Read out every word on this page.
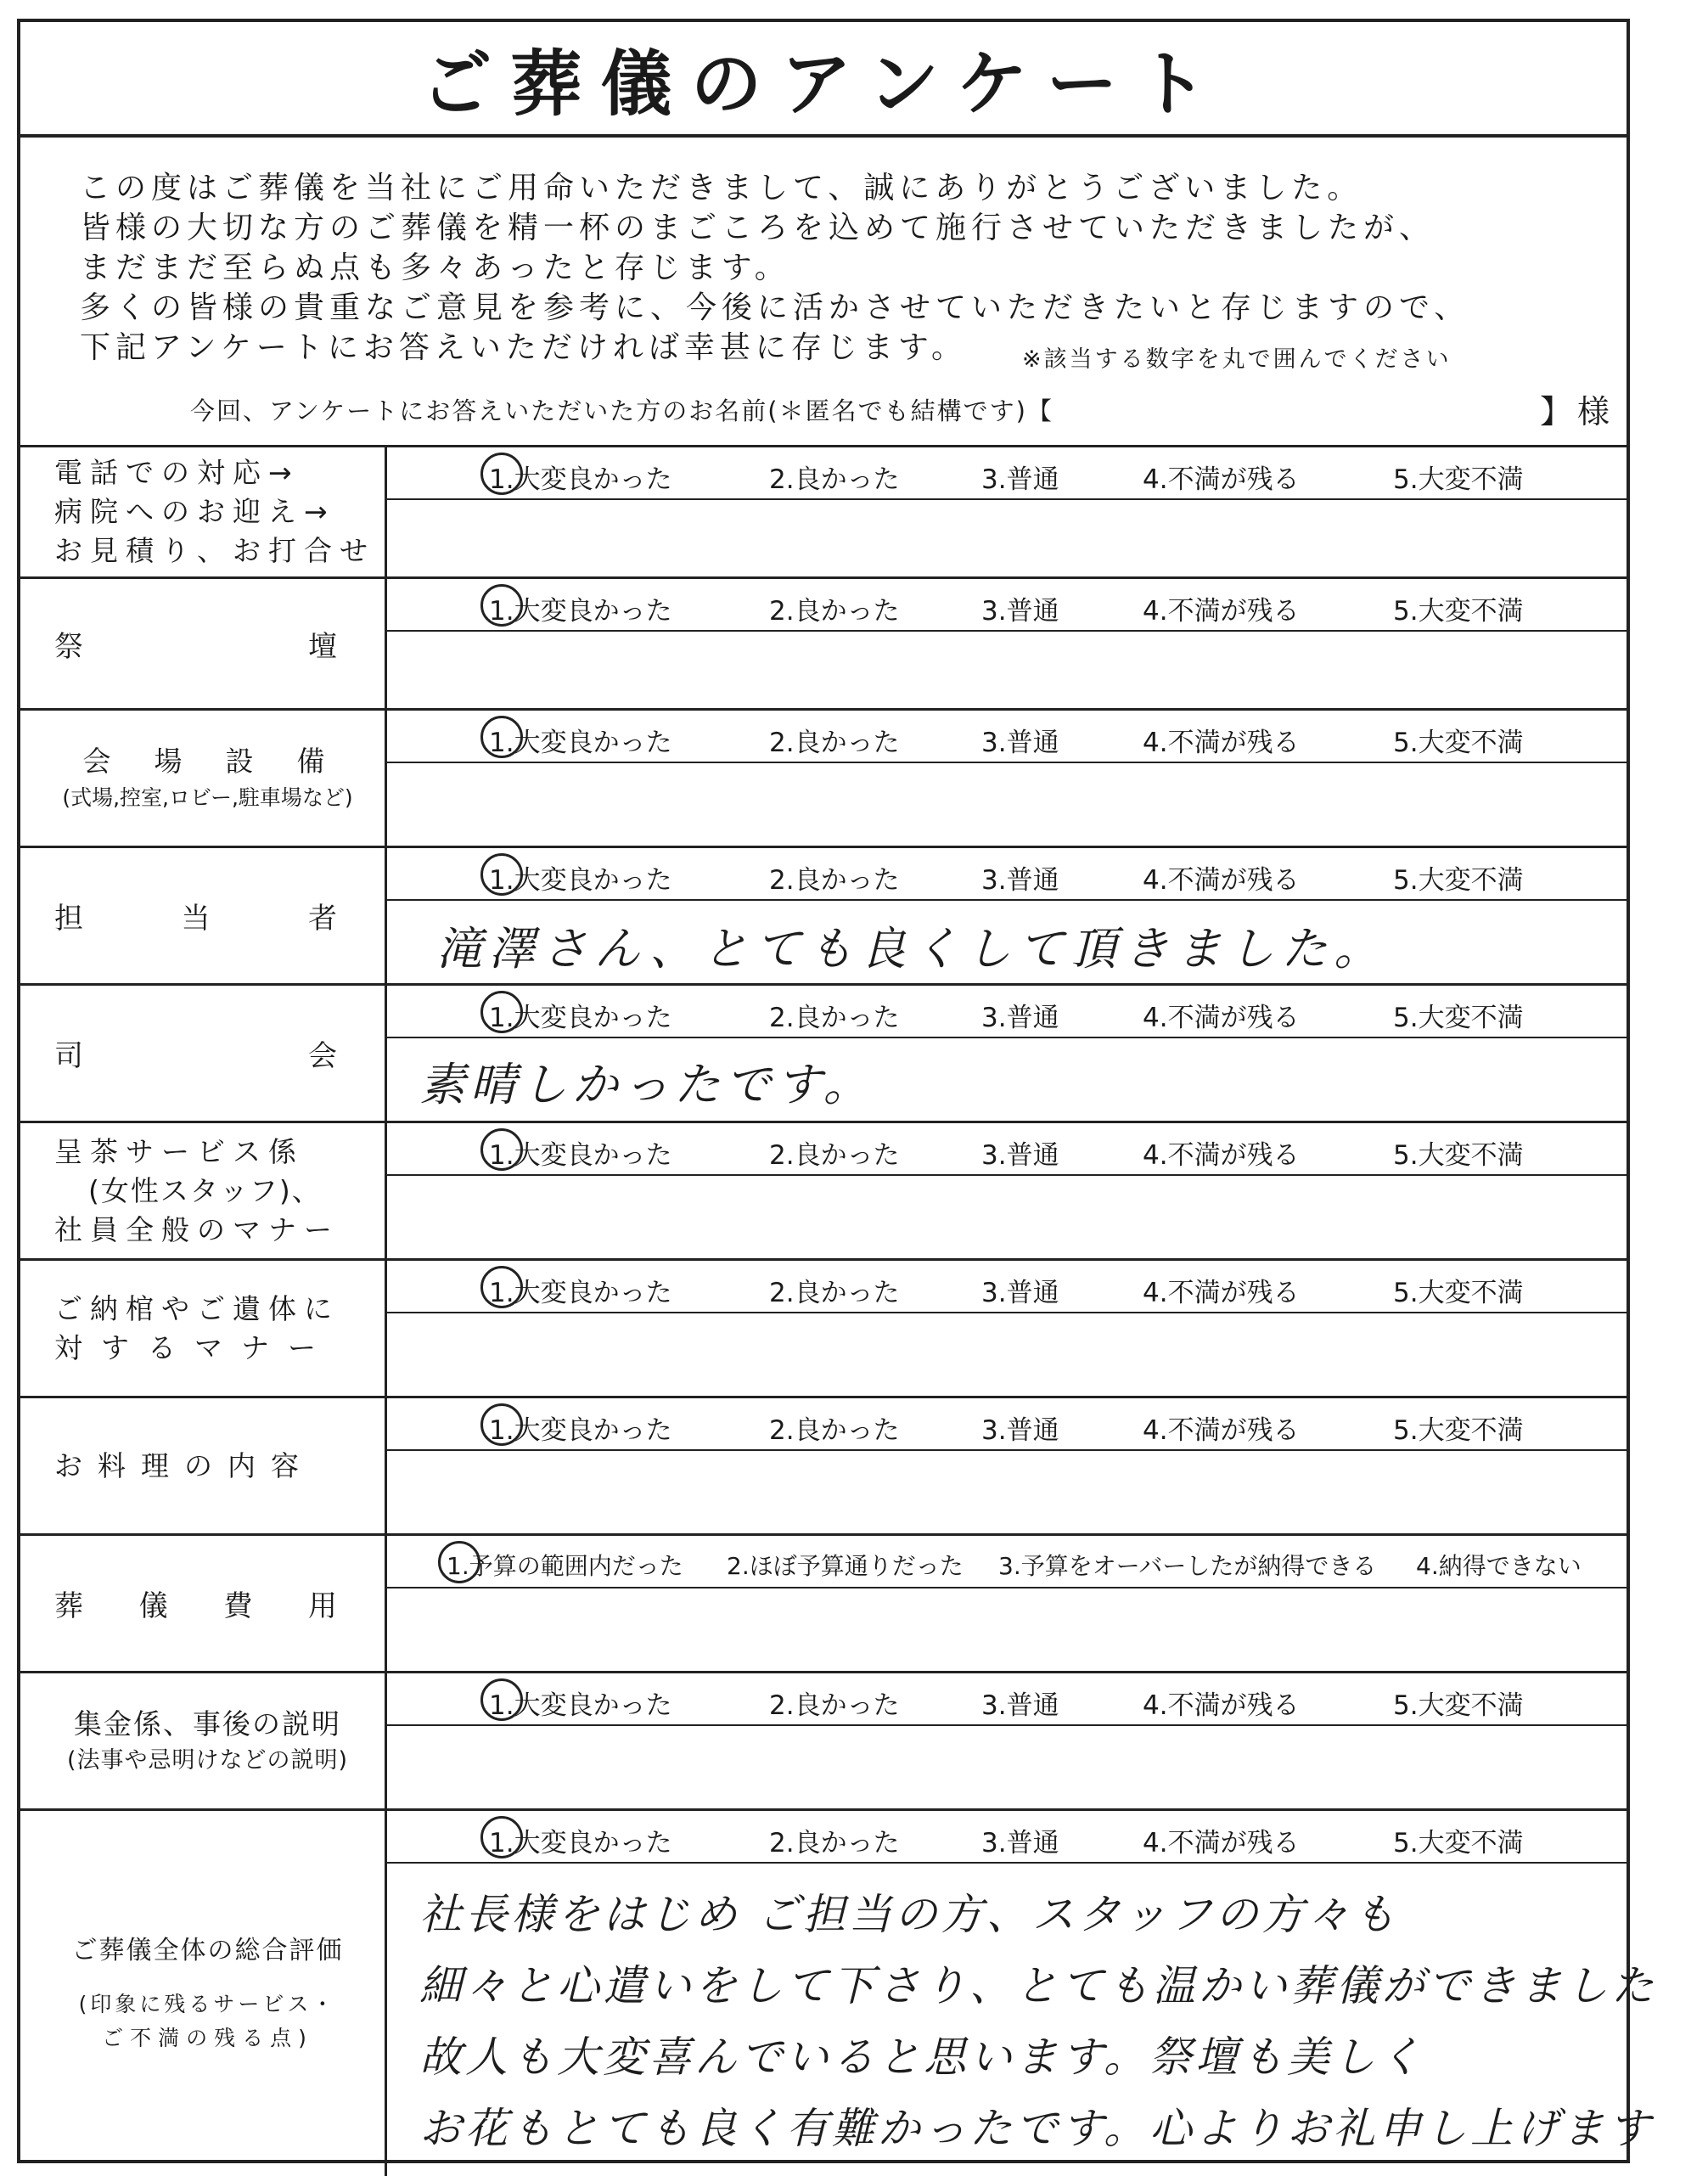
ご葬儀のアンケート
この度はご葬儀を当社にご用命いただきまして、誠にありがとうございました。
皆様の大切な方のご葬儀を精一杯のまごころを込めて施行させていただきましたが、
まだまだ至らぬ点も多々あったと存じます。
多くの皆様の貴重なご意見を参考に、今後に活かさせていただきたいと存じますので、
下記アンケートにお答えいただければ幸甚に存じます。	※該当する数字を丸で囲んでください
今回、アンケートにお答えいただいた方のお名前(＊匿名でも結構です)【	】様
電話での対応→
病院へのお迎え→
お見積り、お打合せ
1.大変良かった	2.良かった	3.普通	4.不満が残る	5.大変不満
祭	壇
1.大変良かった	2.良かった	3.普通	4.不満が残る	5.大変不満
会　場　設　備
(式場,控室,ロビー,駐車場など)
1.大変良かった	2.良かった	3.普通	4.不満が残る	5.大変不満
担	当	者
1.大変良かった	2.良かった	3.普通	4.不満が残る	5.大変不満
滝澤さん、とても良くして頂きました。
司	会
1.大変良かった	2.良かった	3.普通	4.不満が残る	5.大変不満
素晴しかったです。
呈茶サービス係
(女性スタッフ)、
社員全般のマナー
1.大変良かった	2.良かった	3.普通	4.不満が残る	5.大変不満
ご納棺やご遺体に
対するマナー
1.大変良かった	2.良かった	3.普通	4.不満が残る	5.大変不満
お料理の内容
1.大変良かった	2.良かった	3.普通	4.不満が残る	5.大変不満
葬 儀 費 用
1.予算の範囲内だった 2.ほぼ予算通りだった 3.予算をオーバーしたが納得できる 4.納得できない
集金係、事後の説明
(法事や忌明けなどの説明)
1.大変良かった	2.良かった	3.普通	4.不満が残る	5.大変不満
ご葬儀全体の総合評価
(印象に残るサービス・
ご不満の残る点)
1.大変良かった	2.良かった	3.普通	4.不満が残る	5.大変不満
社長様をはじめ ご担当の方、スタッフの方々も
細々と心遣いをして下さり、とても温かい葬儀ができました
故人も大変喜んでいると思います。祭壇も美しく
お花もとても良く有難かったです。心よりお礼申し上げます
